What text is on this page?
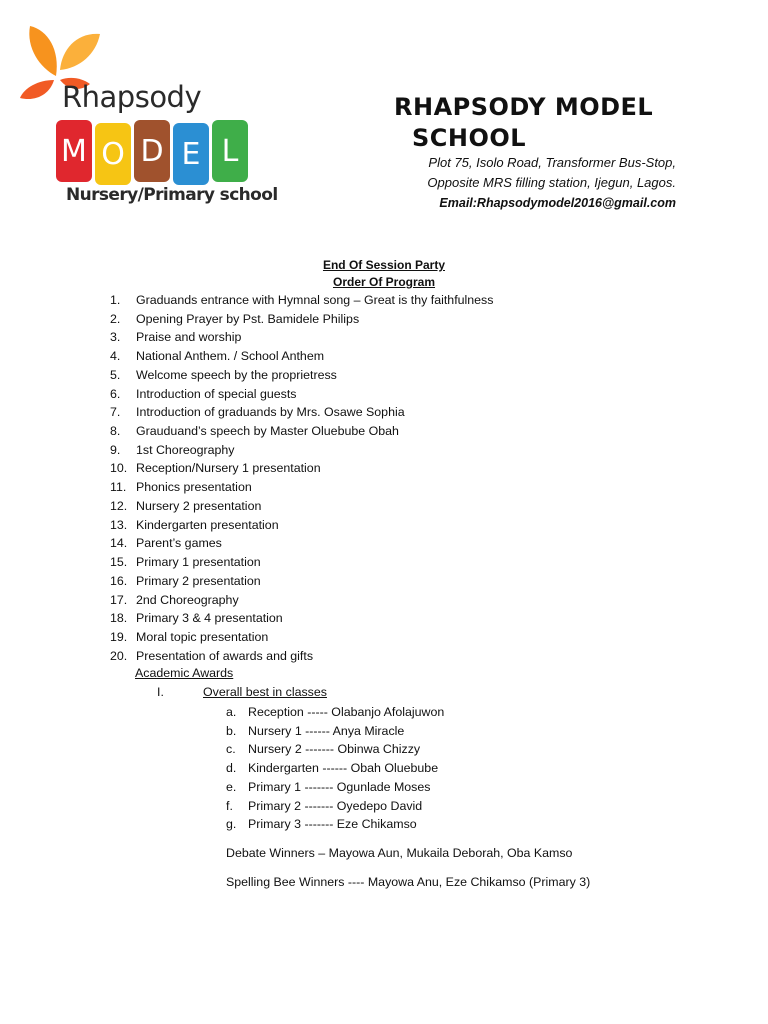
Rhapsody
M O D E L
Nursery/Primary school
RHAPSODY MODEL
SCHOOL
Plot 75, Isolo Road, Transformer Bus-Stop,
Opposite MRS filling station, Ijegun, Lagos.
Email:Rhapsodymodel2016@gmail.com
End Of Session Party
Order Of Program
1. Graduands entrance with Hymnal song – Great is thy faithfulness
2. Opening Prayer by Pst. Bamidele Philips
3. Praise and worship
4. National Anthem. / School Anthem
5. Welcome speech by the proprietress
6. Introduction of special guests
7. Introduction of graduands by Mrs. Osawe Sophia
8. Grauduand’s speech by Master Oluebube Obah
9. 1st Choreography
10. Reception/Nursery 1 presentation
11. Phonics presentation
12. Nursery 2 presentation
13. Kindergarten presentation
14. Parent’s games
15. Primary 1 presentation
16. Primary 2 presentation
17. 2nd Choreography
18. Primary 3 & 4 presentation
19. Moral topic presentation
20. Presentation of awards and gifts
Academic Awards
I.	Overall best in classes
a. Reception ----- Olabanjo Afolajuwon
b. Nursery 1 ------ Anya Miracle
c. Nursery 2 ------- Obinwa Chizzy
d. Kindergarten ------ Obah Oluebube
e. Primary 1 ------- Ogunlade Moses
f. Primary 2 ------- Oyedepo David
g. Primary 3 ------- Eze Chikamso
Debate Winners – Mayowa Aun, Mukaila Deborah, Oba Kamso
Spelling Bee Winners ---- Mayowa Anu, Eze Chikamso (Primary 3)
